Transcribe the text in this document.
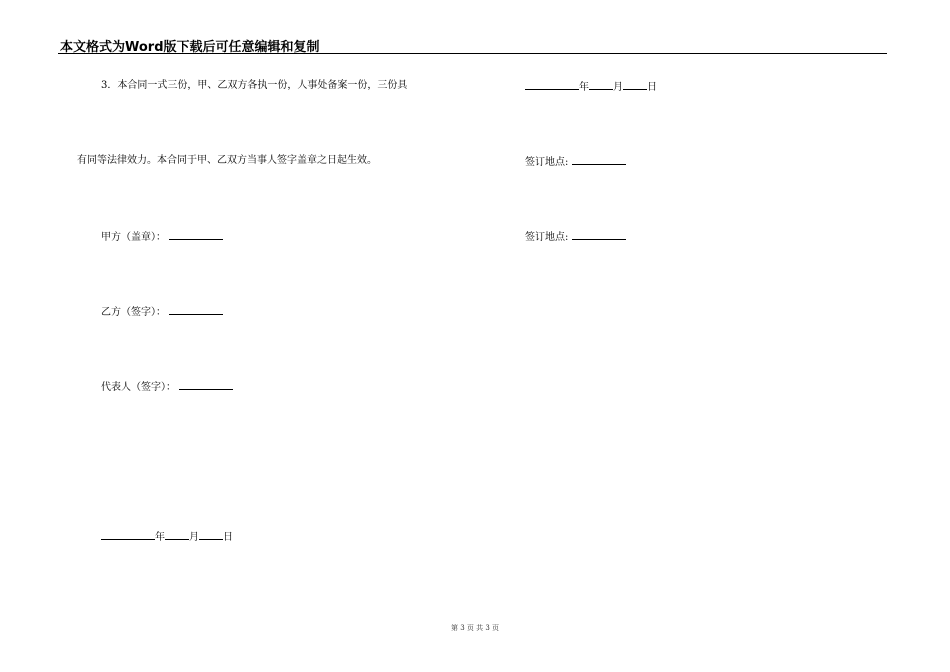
本文格式为Word版下载后可任意编辑和复制
3．本合同一式三份，甲、乙双方各执一份，人事处备案一份，三份具
有同等法律效力。本合同于甲、乙双方当事人签字盖章之日起生效。
甲方（盖章）：
乙方（签字）：
代表人（签字）：
年 月 日
年 月 日
签订地点:
签订地点:
第 3 页 共 3 页
